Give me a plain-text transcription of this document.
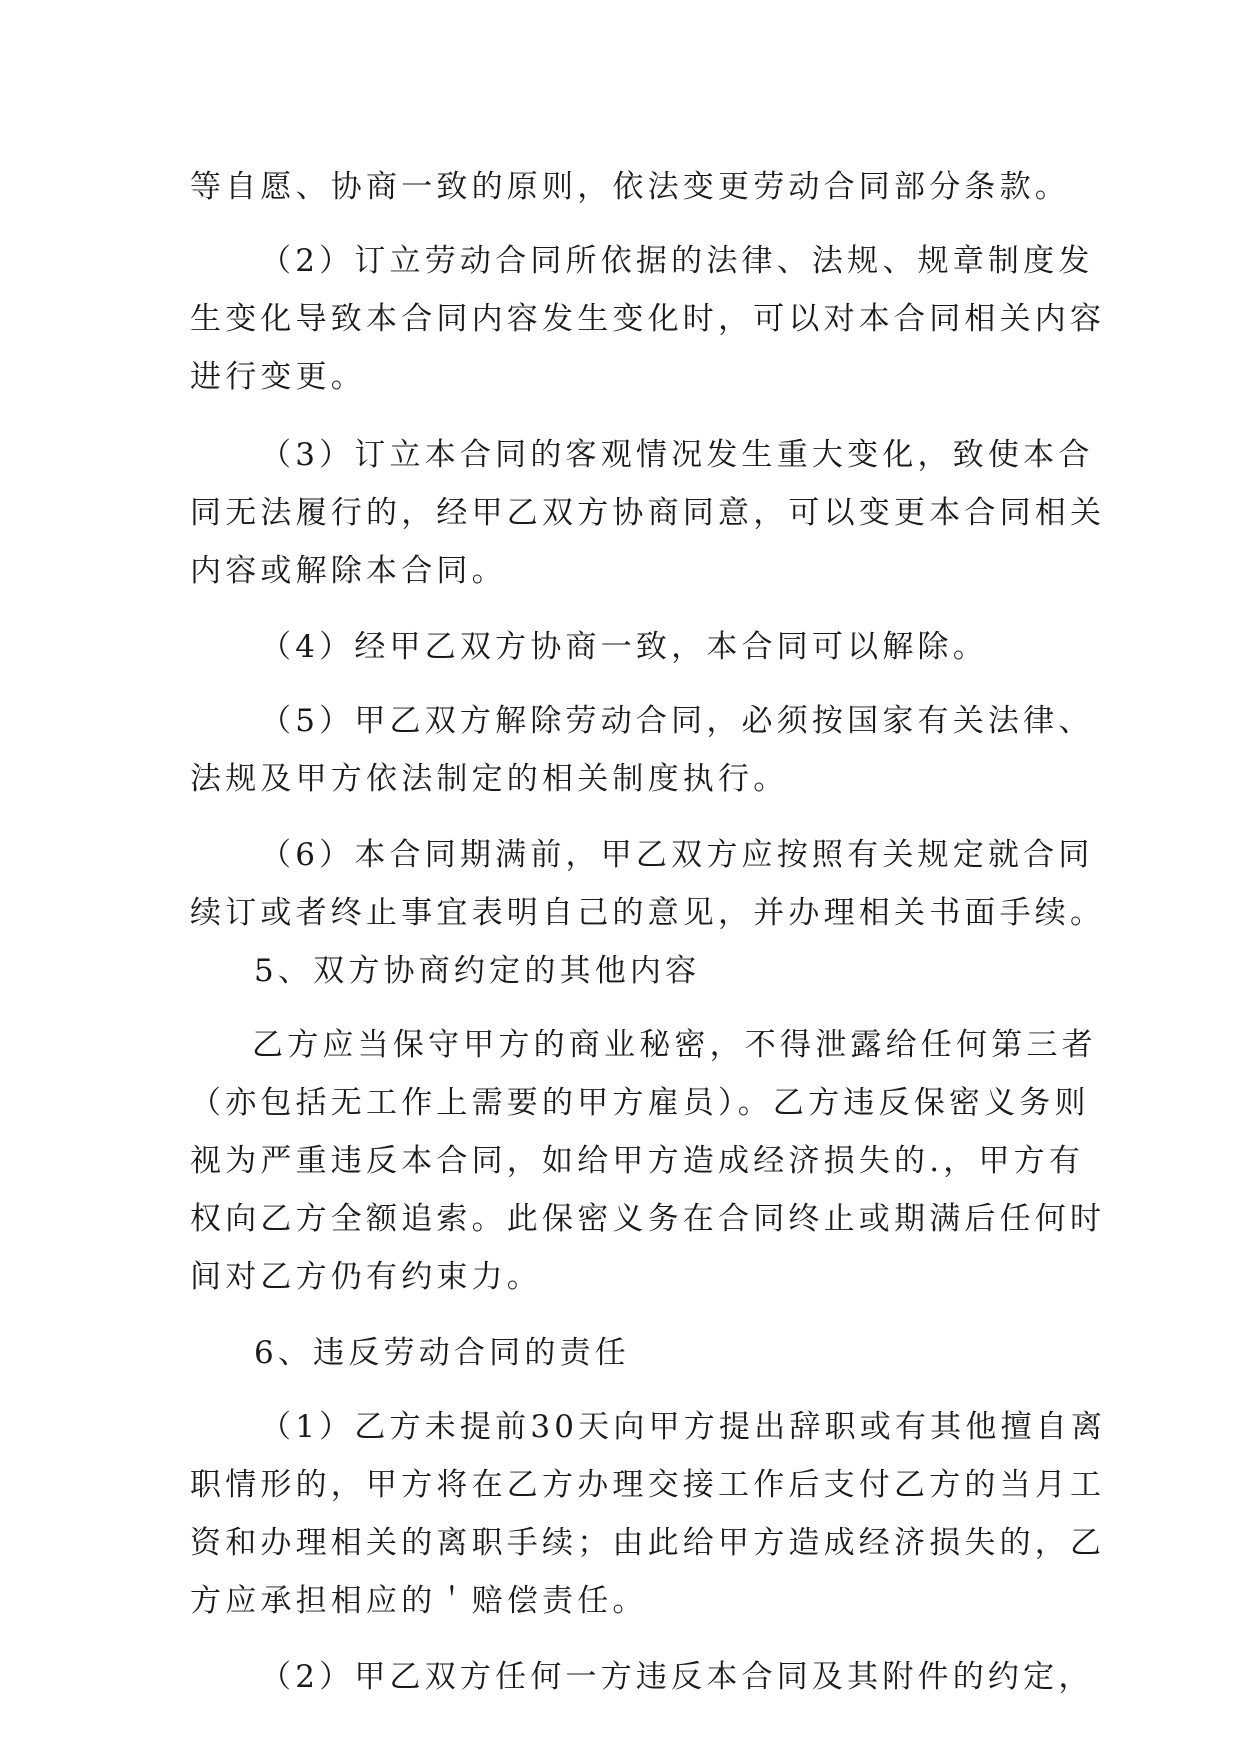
等自愿、协商一致的原则，依法变更劳动合同部分条款。
（2）订立劳动合同所依据的法律、法规、规章制度发
生变化导致本合同内容发生变化时，可以对本合同相关内容
进行变更。
（3）订立本合同的客观情况发生重大变化，致使本合
同无法履行的，经甲乙双方协商同意，可以变更本合同相关
内容或解除本合同。
（4）经甲乙双方协商一致，本合同可以解除。
（5）甲乙双方解除劳动合同，必须按国家有关法律、
法规及甲方依法制定的相关制度执行。
（6）本合同期满前，甲乙双方应按照有关规定就合同
续订或者终止事宜表明自己的意见，并办理相关书面手续。
5、双方协商约定的其他内容
乙方应当保守甲方的商业秘密，不得泄露给任何第三者
（亦包括无工作上需要的甲方雇员）。乙方违反保密义务则
视为严重违反本合同，如给甲方造成经济损失的.，甲方有
权向乙方全额追索。此保密义务在合同终止或期满后任何时
间对乙方仍有约束力。
6、违反劳动合同的责任
（1）乙方未提前30天向甲方提出辞职或有其他擅自离
职情形的，甲方将在乙方办理交接工作后支付乙方的当月工
资和办理相关的离职手续；由此给甲方造成经济损失的，乙
方应承担相应的＇赔偿责任。
（2）甲乙双方任何一方违反本合同及其附件的约定，
